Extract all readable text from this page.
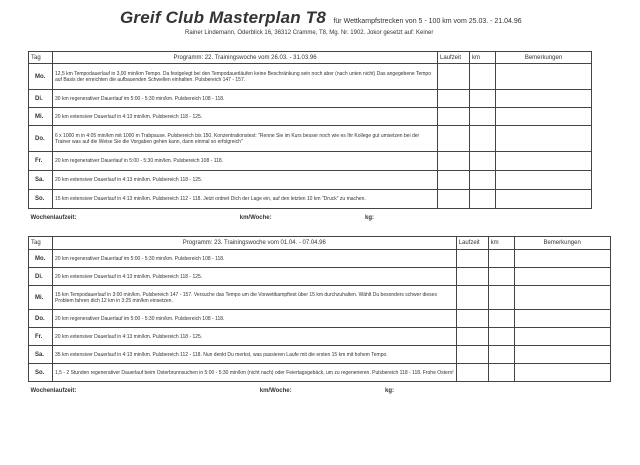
Greif Club Masterplan T8 für Wettkampfstrecken von 5 - 100 km vom 25.03. - 21.04.96
Rainer Lindemann, Oderblick 16, 36312 Cramme, T8, Mg. Nr. 1902. Jokor gesetzt auf: Keiner
Tag	Programm: 22. Trainingswoche vom 26.03. - 31.03.96	Laufzeit	km	Bemerkungen
Mo.	12,5 km Tempodauerlauf in 3,00 min/km Tempo. Da festgelegt bei den Tempodauerläufen keine Beschränkung sein noch aber (nach unten nicht) Das angegebene Tempo auf Basis der erreichten die aufbauenden Schwellen einhalten. Pulsbereich 147 - 157.			
Di.	30 km regenerativer Dauerlauf im 5:00 - 5:30 min/km. Pulsbereich 108 - 118.			
Mi.	20 km extensiver Dauerlauf in 4:13 min/km. Pulsbereich 118 - 125.			
Do.	6 x 1000 m in 4:05 min/km mit 1000 m Trabpause. Pulsbereich bis 150. Konzentrationstest: "Renne Sie im Kurs besser noch wie es Ihr Kollege gut umsetzen bei der Trainer was auf die Weise Sie die Vorgaben gehen kann, dann einmal so erfolgreich"			
Fr.	20 km regenerativer Dauerlauf in 5:00 - 5:30 min/km. Pulsbereich 108 - 118.			
Sa.	20 km extensiver Dauerlauf in 4:13 min/km. Pulsbereich 118 - 125.			
So.	15 km extensiver Dauerlauf in 4:13 min/km. Pulsbereich 112 - 118. Jetzt ordnet Dich der Lage ein, auf den letzten 10 km "Druck" zu machen.			
Wochenlaufzeit: km/Woche: kg:				
Tag	Programm: 23. Trainingswoche vom 01.04. - 07.04.96	Laufzeit	km	Bemerkungen
Mo.	20 km regenerativer Dauerlauf im 5:00 - 5:30 min/km. Pulsbereich 108 - 118.			
Di.	20 km extensiver Dauerlauf in 4:13 min/km. Pulsbereich 118 - 125.			
Mi.	15 km Tempodauerlauf in 3:00 min/km. Pulsbereich 147 - 157. Versuche das Tempo um die Vorwettkampftest über 15 km durchzuhalten. Wählt Du besonders schwer dieses Problem fahren dich 12 km in 3:25 min/km einsetzen.			
Do.	20 km regenerativer Dauerlauf im 5:00 - 5:30 min/km. Pulsbereich 108 - 118.			
Fr.	20 km extensiver Dauerlauf in 4:13 min/km. Pulsbereich 118 - 125.			
Sa.	35 km extensiver Dauerlauf in 4:13 min/km. Pulsbereich 112 - 118. Nun denkt Du merkst, was passieren Laufe mit die ersten 15 km mit hohem Tempo.			
So.	1,5 - 2 Stunden regenerativer Dauerlauf beim Osterbrunnsuchen in 5:00 - 5:30 min/km (nicht nach) oder Feiertagsgebäck, um zu regenerieren. Pulsbereich 118 - 118. Frohe Ostern!			
Wochenlaufzeit: km/Woche: kg:				
